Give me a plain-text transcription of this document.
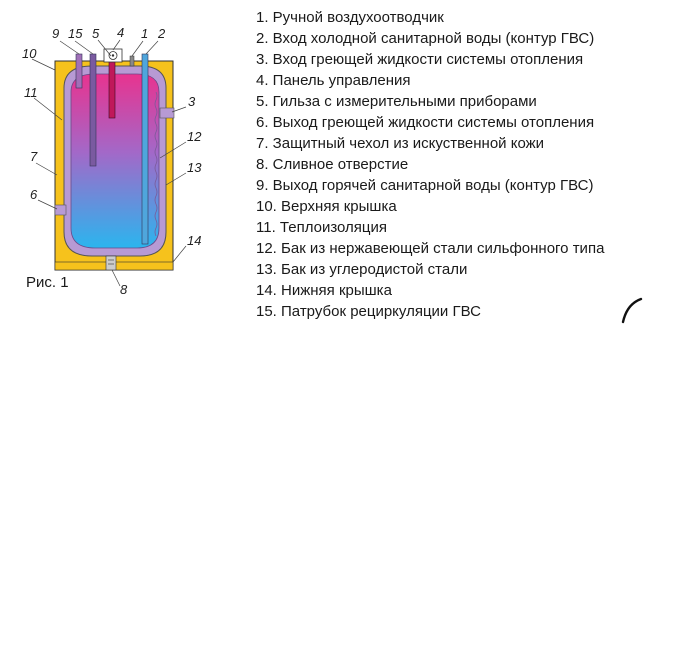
9 15 5 4 1 2
10
11
3
12
7
13
6
14
8
Рис. 1
1. Ручной воздухоотводчик
2. Вход холодной санитарной воды (контур ГВС)
3. Вход греющей жидкости системы отопления
4. Панель управления
5. Гильза с измерительными приборами
6. Выход греющей жидкости системы отопления
7. Защитный чехол из искуственной кожи
8. Сливное отверстие
9. Выход горячей санитарной воды (контур ГВС)
10. Верхняя крышка
11. Теплоизоляция
12. Бак из нержавеющей стали сильфонного типа
13. Бак из углеродистой стали
14. Нижняя крышка
15. Патрубок рециркуляции ГВС
